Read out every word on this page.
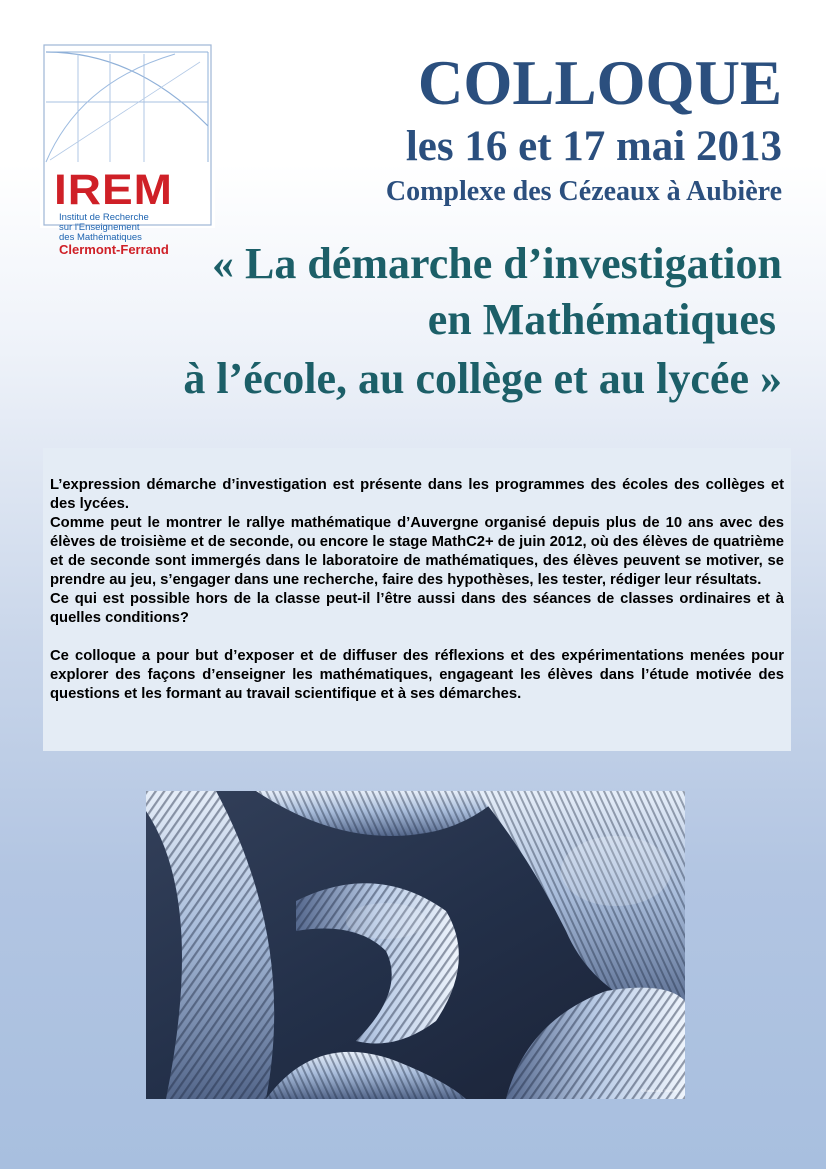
IREM
Institut de Recherche
sur l'Enseignement
des Mathématiques
Clermont-Ferrand
COLLOQUE
les 16 et 17 mai 2013
Complexe des Cézeaux à Aubière
« La démarche d’investigation
en Mathématiques
à l’école, au collège et au lycée »

L’expression démarche d’investigation est présente dans les programmes des écoles des collèges et des lycées.

Comme peut le montrer le rallye mathématique d’Auvergne organisé depuis plus de 10 ans avec des élèves de troisième et de seconde, ou encore le stage MathC2+ de juin 2012, où des élèves de quatrième et de seconde sont immergés dans le laboratoire de mathématiques, des élèves peuvent se motiver, se prendre au jeu, s’engager dans une recherche, faire des hypothèses, les tester, rédiger leur résultats.

Ce qui est possible hors de la classe peut-il l’être aussi dans des séances de classes ordinaires et à quelles conditions?

Ce colloque a pour but d’exposer et de diffuser des réflexions et des expérimentations menées pour explorer des façons d’enseigner les mathématiques, engageant les élèves dans l’étude motivée des questions et les formant au travail scientifique et à ses démarches.

© Maths Art & Science
